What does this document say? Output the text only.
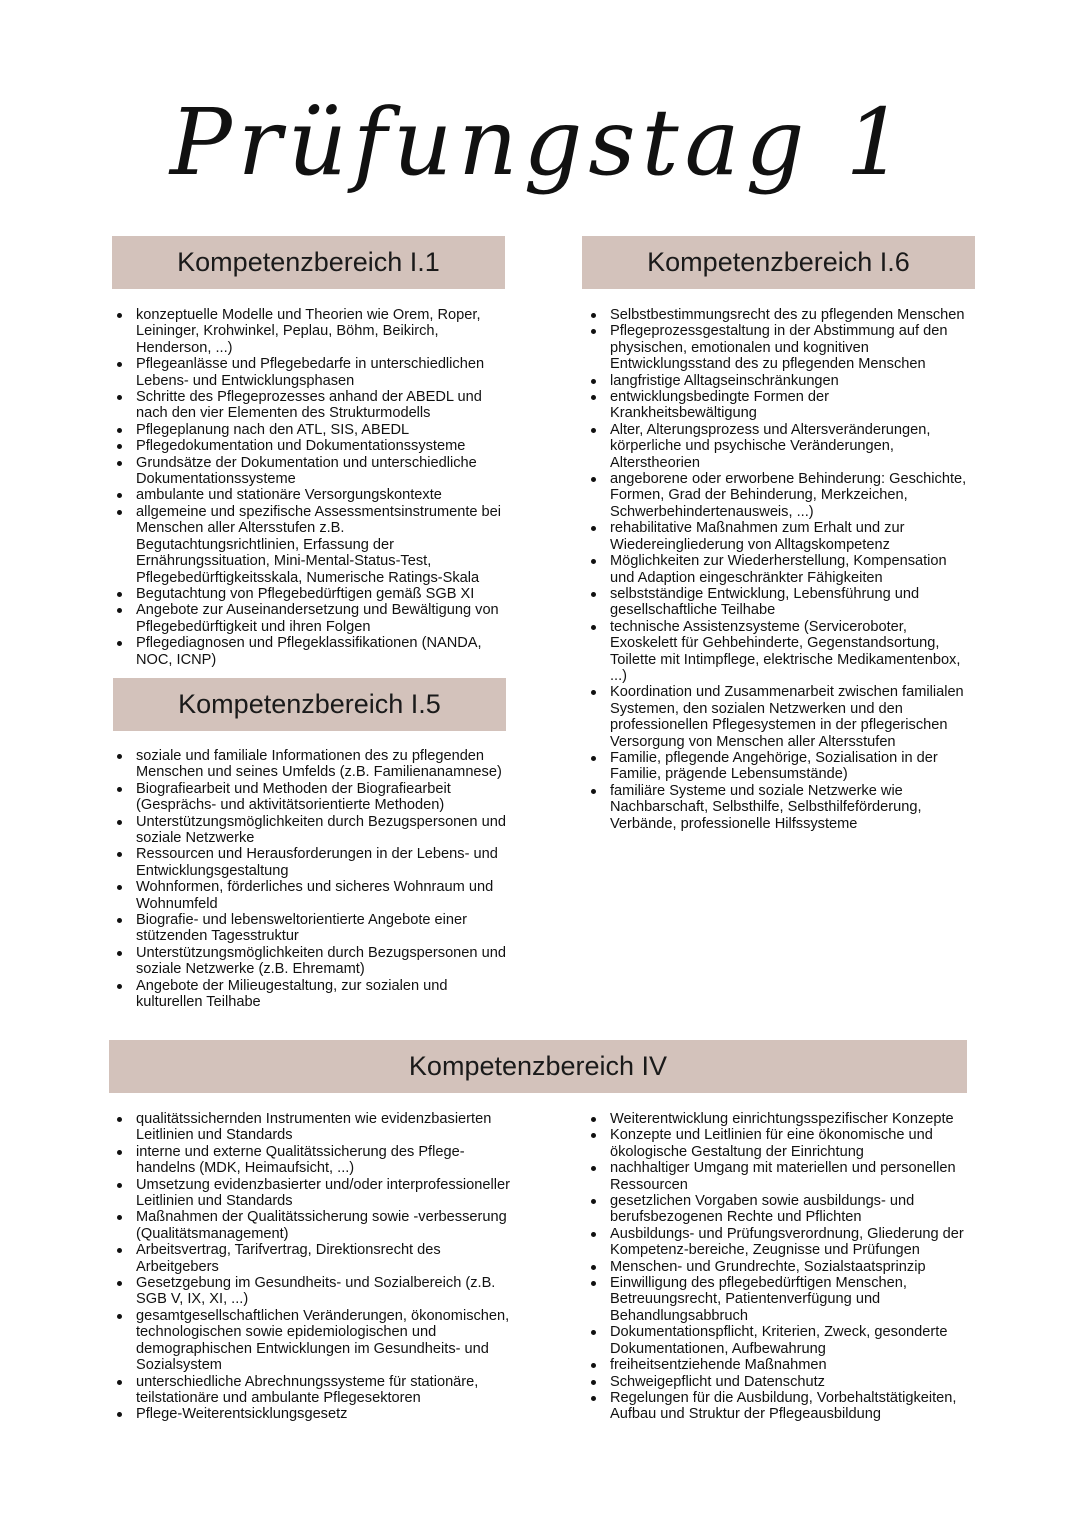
Prüfungstag 1
Kompetenzbereich I.1
konzeptuelle Modelle und Theorien wie Orem, Roper, Leininger, Krohwinkel, Peplau, Böhm, Beikirch, Henderson, ...)
Pflegeanlässe und Pflegebedarfe in unterschiedlichen Lebens- und Entwicklungsphasen
Schritte des Pflegeprozesses anhand der ABEDL und nach den vier Elementen des Strukturmodells
Pflegeplanung nach den ATL, SIS, ABEDL
Pflegedokumentation und Dokumentationssysteme
Grundsätze der Dokumentation und unterschiedliche Dokumentationssysteme
ambulante und stationäre Versorgungskontexte
allgemeine und spezifische Assessmentsinstrumente bei Menschen aller Altersstufen z.B. Begutachtungsrichtlinien, Erfassung der Ernährungssituation, Mini-Mental-Status-Test, Pflegebedürftigkeitsskala, Numerische Ratings-Skala
Begutachtung von Pflegebedürftigen gemäß SGB XI
Angebote zur Auseinandersetzung und Bewältigung von Pflegebedürftigkeit und ihren Folgen
Pflegediagnosen und Pflegeklassifikationen (NANDA, NOC, ICNP)
Kompetenzbereich I.5
soziale und familiale Informationen des zu pflegenden Menschen und seines Umfelds (z.B. Familienanamnese)
Biografiearbeit und Methoden der Biografiearbeit (Gesprächs- und aktivitätsorientierte Methoden)
Unterstützungsmöglichkeiten durch Bezugspersonen und soziale Netzwerke
Ressourcen und Herausforderungen in der Lebens- und Entwicklungsgestaltung
Wohnformen, förderliches und sicheres Wohnraum und Wohnumfeld
Biografie- und lebensweltorientierte Angebote einer stützenden Tagesstruktur
Unterstützungsmöglichkeiten durch Bezugspersonen und soziale Netzwerke (z.B. Ehremamt)
Angebote der Milieugestaltung, zur sozialen und kulturellen Teilhabe
Kompetenzbereich I.6
Selbstbestimmungsrecht des zu pflegenden Menschen
Pflegeprozessgestaltung in der Abstimmung auf den physischen, emotionalen und kognitiven Entwicklungsstand des zu pflegenden Menschen
langfristige Alltagseinschränkungen
entwicklungsbedingte Formen der Krankheitsbewältigung
Alter, Alterungsprozess und Altersveränderungen, körperliche und psychische Veränderungen, Alterstheorien
angeborene oder erworbene Behinderung: Geschichte, Formen, Grad der Behinderung, Merkzeichen, Schwerbehindertenausweis, ...)
rehabilitative Maßnahmen zum Erhalt und zur Wiedereingliederung von Alltagskompetenz
Möglichkeiten zur Wiederherstellung, Kompensation und Adaption eingeschränkter Fähigkeiten
selbstständige Entwicklung, Lebensführung und gesellschaftliche Teilhabe
technische Assistenzsysteme (Serviceroboter, Exoskelett für Gehbehinderte, Gegenstandsortung, Toilette mit Intimpflege, elektrische Medikamentenbox, ...)
Koordination und Zusammenarbeit zwischen familialen Systemen, den sozialen Netzwerken und den professionellen Pflegesystemen in der pflegerischen Versorgung von Menschen aller Altersstufen
Familie, pflegende Angehörige, Sozialisation in der Familie, prägende Lebensumstände)
familiäre Systeme und soziale Netzwerke wie Nachbarschaft, Selbsthilfe, Selbsthilfeförderung, Verbände, professionelle Hilfssysteme
Kompetenzbereich IV
qualitätssichernden Instrumenten wie evidenzbasierten Leitlinien und Standards
interne und externe Qualitätssicherung des Pflege-handelns (MDK, Heimaufsicht, ...)
Umsetzung evidenzbasierter und/oder interprofessioneller Leitlinien und Standards
Maßnahmen der Qualitätssicherung sowie -verbesserung (Qualitätsmanagement)
Arbeitsvertrag, Tarifvertrag, Direktionsrecht des Arbeitgebers
Gesetzgebung im Gesundheits- und Sozialbereich (z.B. SGB V, IX, XI, ...)
gesamtgesellschaftlichen Veränderungen, ökonomischen, technologischen sowie epidemiologischen und demographischen Entwicklungen im Gesundheits- und Sozialsystem
unterschiedliche Abrechnungssysteme für stationäre, teilstationäre und ambulante Pflegesektoren
Pflege-Weiterentsicklungsgesetz
Weiterentwicklung einrichtungsspezifischer Konzepte
Konzepte und Leitlinien für eine ökonomische und ökologische Gestaltung der Einrichtung
nachhaltiger Umgang mit materiellen und personellen Ressourcen
gesetzlichen Vorgaben sowie ausbildungs- und berufsbezogenen Rechte und Pflichten
Ausbildungs- und Prüfungsverordnung, Gliederung der Kompetenz-bereiche, Zeugnisse und Prüfungen
Menschen- und Grundrechte, Sozialstaatsprinzip
Einwilligung des pflegebedürftigen Menschen, Betreuungsrecht, Patientenverfügung und Behandlungsabbruch
Dokumentationspflicht, Kriterien, Zweck, gesonderte Dokumentationen, Aufbewahrung
freiheitsentziehende Maßnahmen
Schweigepflicht und Datenschutz
Regelungen für die Ausbildung, Vorbehaltstätigkeiten, Aufbau und Struktur der Pflegeausbildung
